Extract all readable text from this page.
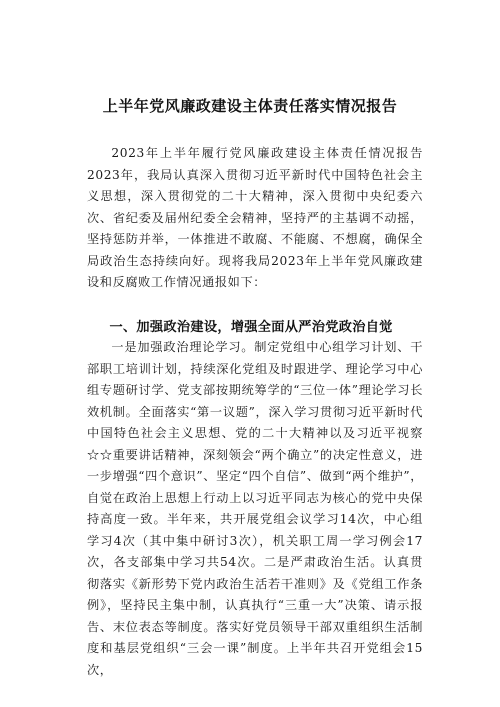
上半年党风廉政建设主体责任落实情况报告

2023年上半年履行党风廉政建设主体责任情况报告2023年，我局认真深入贯彻习近平新时代中国特色社会主义思想，深入贯彻党的二十大精神，深入贯彻中央纪委六次、省纪委及届州纪委全会精神，坚持严的主基调不动摇，坚持惩防并举，一体推进不敢腐、不能腐、不想腐，确保全局政治生态持续向好。现将我局2023年上半年党风廉政建设和反腐败工作情况通报如下：

一、加强政治建设，增强全面从严治党政治自觉

一是加强政治理论学习。制定党组中心组学习计划、干部职工培训计划，持续深化党组及时跟进学、理论学习中心组专题研讨学、党支部按期统筹学的“三位一体”理论学习长效机制。全面落实“第一议题”，深入学习贯彻习近平新时代中国特色社会主义思想、党的二十大精神以及习近平视察☆☆重要讲话精神，深刻领会“两个确立”的决定性意义，进一步增强“四个意识”、坚定“四个自信”、做到“两个维护”，自觉在政治上思想上行动上以习近平同志为核心的党中央保持高度一致。半年来，共开展党组会议学习14次，中心组学习4次（其中集中研讨3次），机关职工周一学习例会17次，各支部集中学习共54次。二是严肃政治生活。认真贯彻落实《新形势下党内政治生活若干准则》及《党组工作条例》，坚持民主集中制，认真执行“三重一大”决策、请示报告、末位表态等制度。落实好党员领导干部双重组织生活制度和基层党组织“三会一课”制度。上半年共召开党组会15次，
